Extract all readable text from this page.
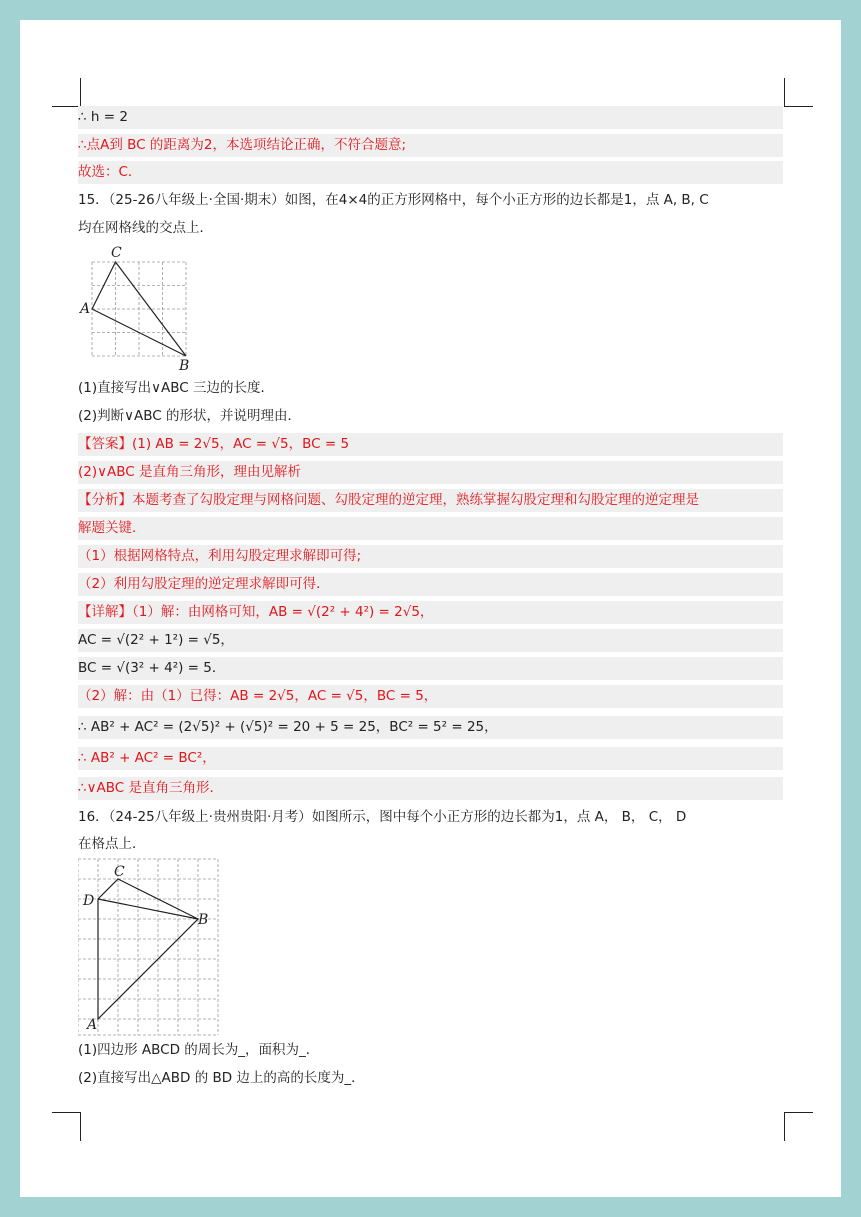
∴ h = 2
∴点A到 BC 的距离为2，本选项结论正确，不符合题意;
故选：C．
15．（25-26八年级上·全国·期末）如图，在4×4的正方形网格中，每个小正方形的边长都是1，点 A, B, C
均在网格线的交点上．
C
A
B
(1)直接写出∨ABC 三边的长度．
(2)判断∨ABC 的形状，并说明理由．
【答案】(1) AB = 2√5，AC = √5，BC = 5
(2)∨ABC 是直角三角形，理由见解析
【分析】本题考查了勾股定理与网格问题、勾股定理的逆定理，熟练掌握勾股定理和勾股定理的逆定理是
解题关键．
（1）根据网格特点，利用勾股定理求解即可得;
（2）利用勾股定理的逆定理求解即可得．
【详解】（1）解：由网格可知，AB = √(2² + 4²) = 2√5，
AC = √(2² + 1²) = √5，
BC = √(3² + 4²) = 5．
（2）解：由（1）已得：AB = 2√5，AC = √5，BC = 5，
∴ AB² + AC² = (2√5)² + (√5)² = 20 + 5 = 25，BC² = 5² = 25，
∴ AB² + AC² = BC²，
∴∨ABC 是直角三角形．
16．（24-25八年级上·贵州贵阳·月考）如图所示，图中每个小正方形的边长都为1，点 A， B， C， D
在格点上．
C
D
B
A
(1)四边形 ABCD 的周长为_，面积为_．
(2)直接写出△ABD 的 BD 边上的高的长度为_．
